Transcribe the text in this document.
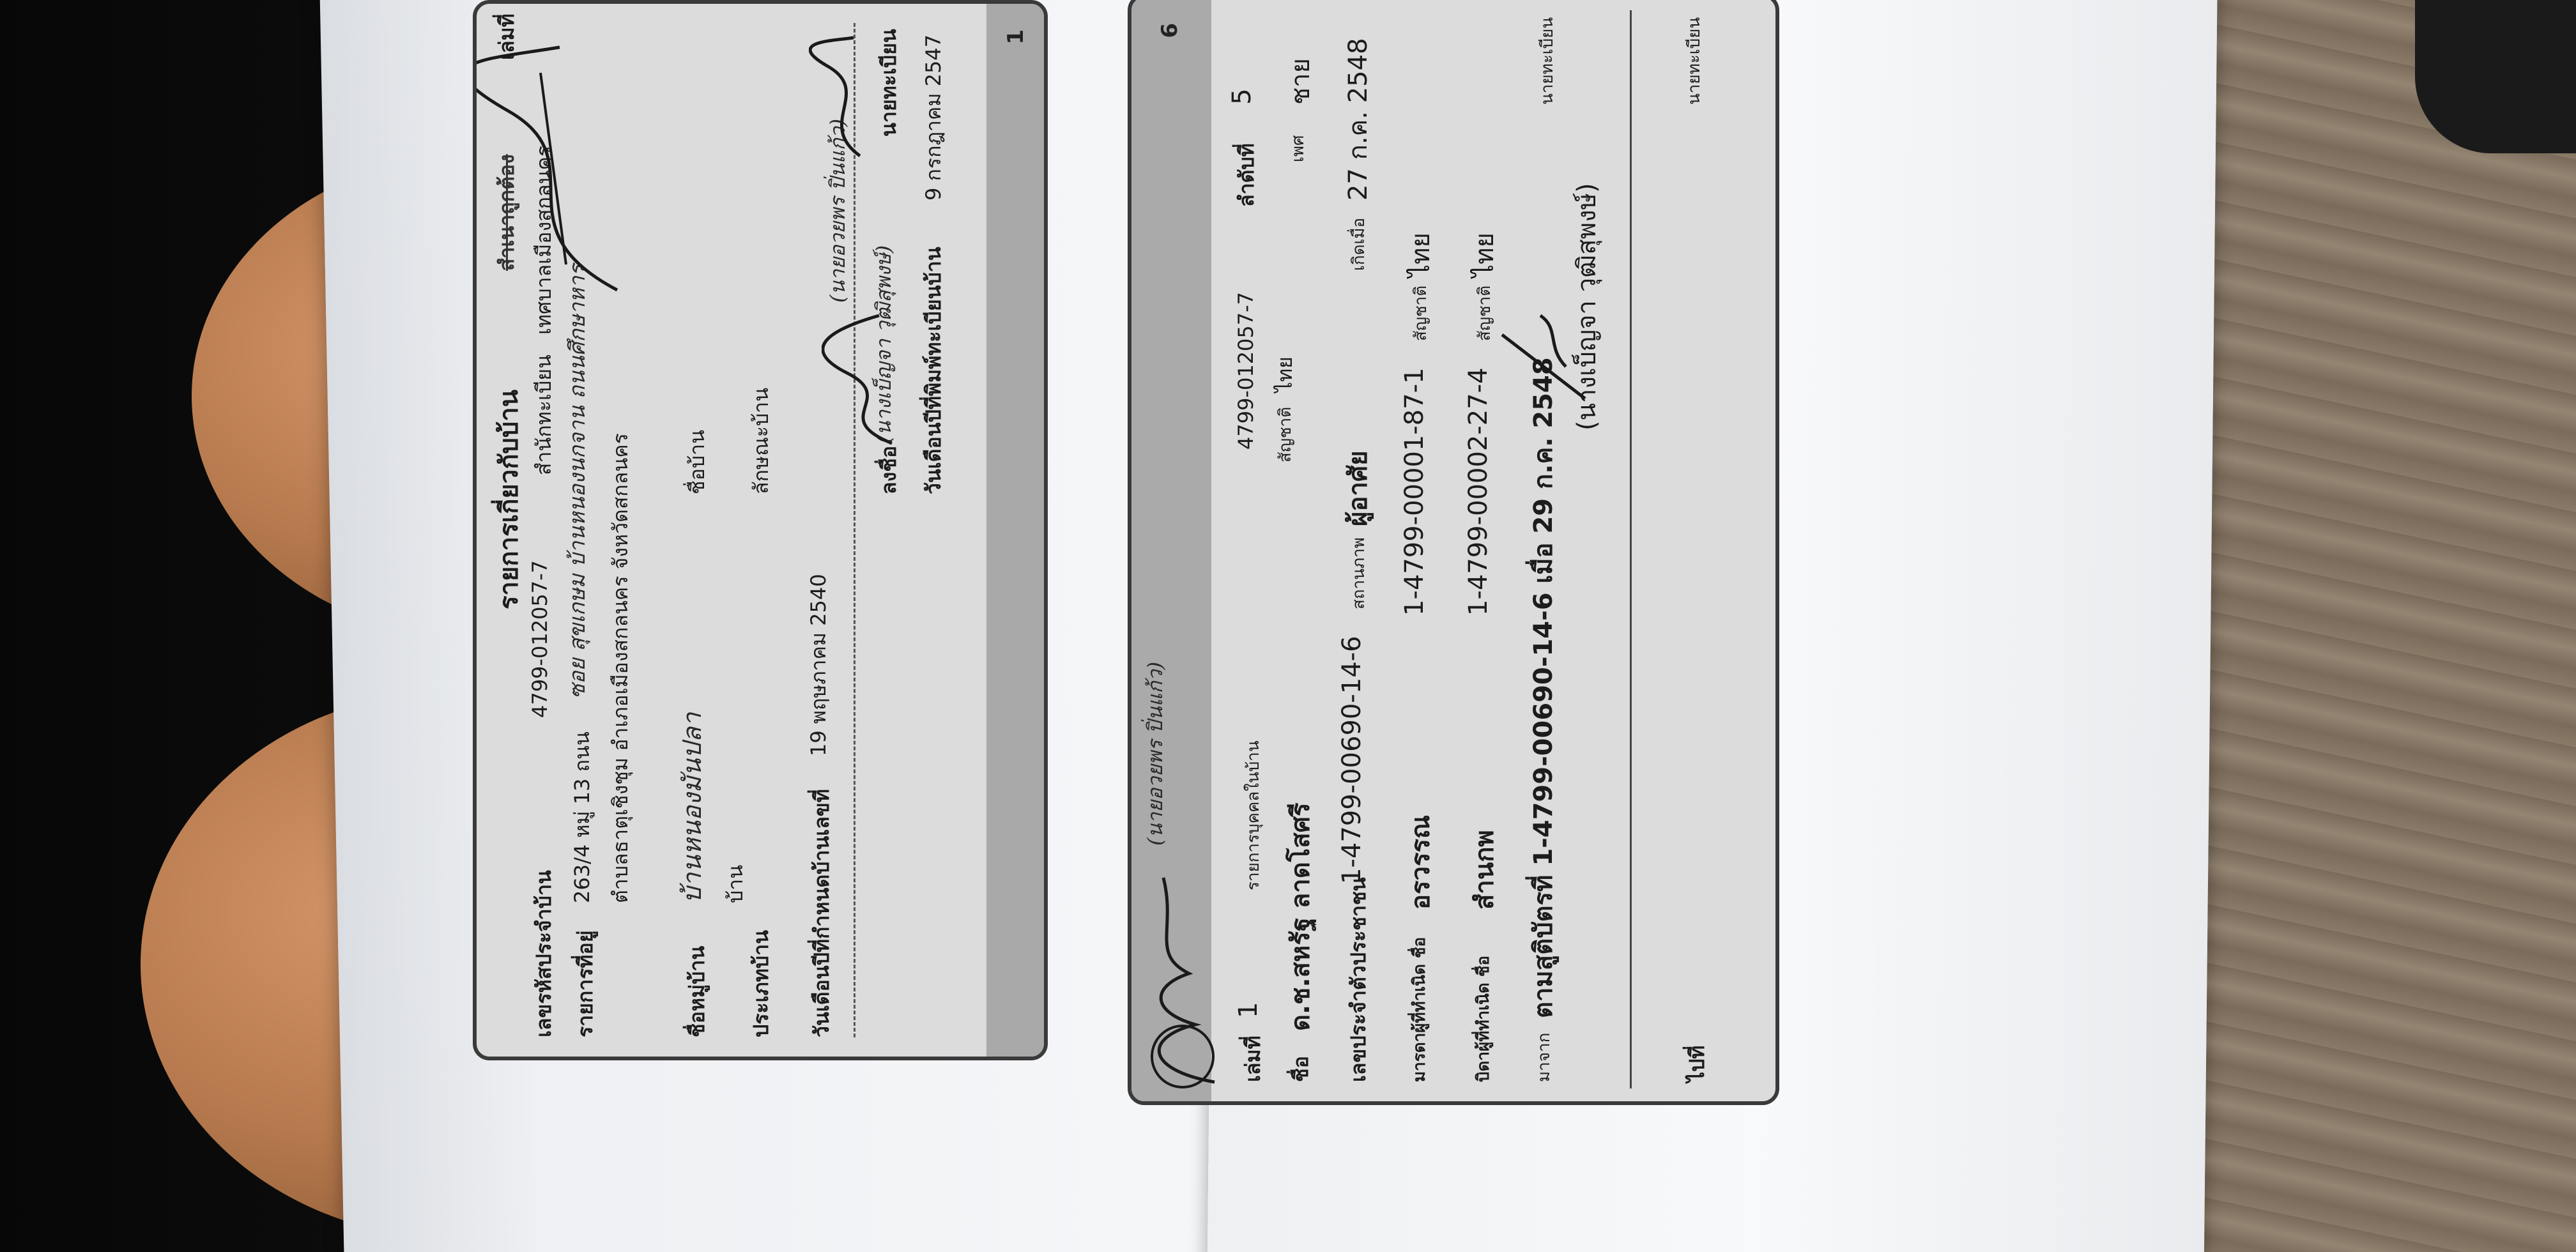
1
รายการเกี่ยวกับบ้าน
สำเนาถูกต้อง
เล่มที่
เลขรหัสประจำบ้าน
4799-012057-7
สำนักทะเบียน
เทศบาลเมืองสกลนคร
รายการที่อยู่
263/4 หมู่ 13 ถนน
ซอย สุขเกษม บ้านหนองนกจาน ถนนศึกษาหาร ตำบลธาตุเชิงชุม อำเภอเมืองสกลนคร จังหวัดสกลนคร
ชื่อหมู่บ้าน
บ้านหนองมันปลา
ชื่อบ้าน
ประเภทบ้าน
บ้าน
ลักษณะบ้าน
วันเดือนปีที่กำหนดบ้านเลขที่
19 พฤษภาคม 2540
ลงชื่อ
(นางเบ็ญจา วุฒิสุพงษ์)
นายทะเบียน
วันเดือนปีที่พิมพ์ทะเบียนบ้าน
9 กรกฎาคม 2547
(นายอวยพร ปิ่นแก้ว)
6
ลำดับที่
5
เล่มที่
1
รายการบุคคลในบ้าน
4799-012057-7 สัญชาติ
ไทย
ชื่อ
ด.ช.สหรัฐ ลาดโสศรี
เพศ
ชาย
เลขประจำตัวประชาชน
1-4799-00690-14-6
สถานภาพ
ผู้อาศัย
เกิดเมื่อ
27 ก.ค. 2548
มารดาผู้ที่ทำเนิด ชื่อ
อรวรรณ
1-4799-00001-87-1
สัญชาติ
ไทย
บิดาผู้ที่ทำเนิด ชื่อ
สำนกพ
1-4799-00002-27-4
สัญชาติ
ไทย
มาจาก
ตามสูติบัตรที่ 1-4799-00690-14-6 เมื่อ 29 ก.ค. 2548
(นางเบ็ญจา วุฒิสุพงษ์)
นายทะเบียน
ไปที่
นายทะเบียน
(นายอวยพร ปิ่นแก้ว)
